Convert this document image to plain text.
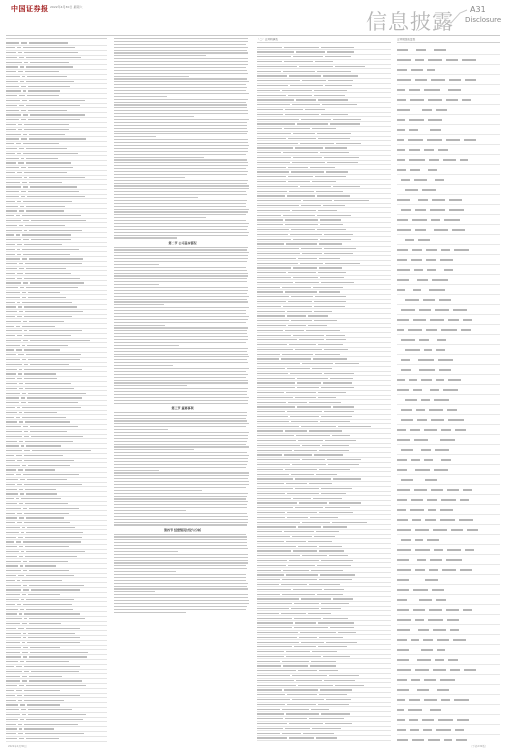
中国证券报 2022年4月30日 星期六
信息披露
A31
Disclosure
第二节 公司基本情况
第三节 重要事项
第四节 经营情况讨论与分析
（二）合并利润表	合并现金流量表
2022年4月30日	（下转A32版）
